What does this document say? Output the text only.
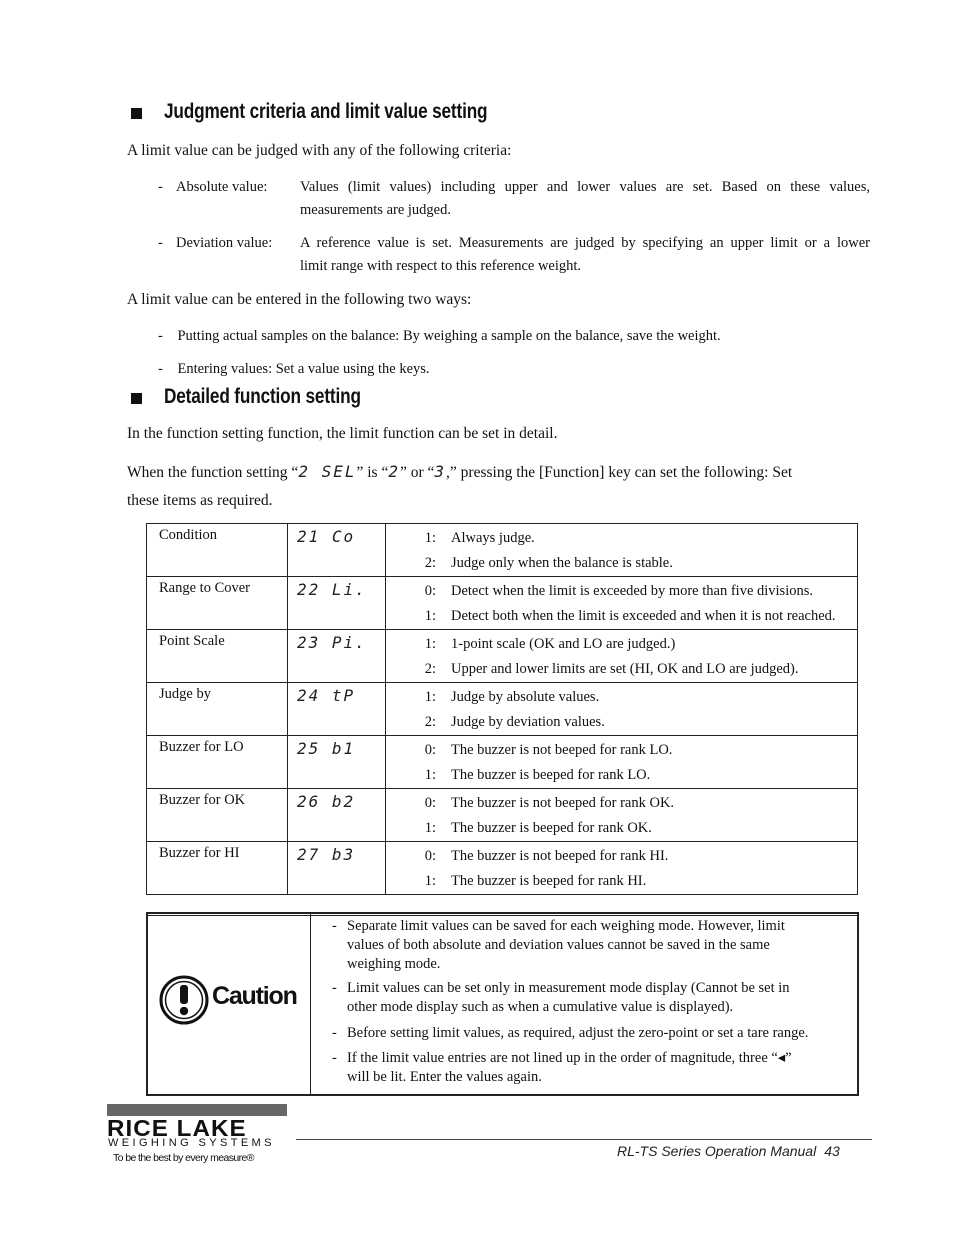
Judgment criteria and limit value setting
A limit value can be judged with any of the following criteria:
- Absolute value: Values (limit values) including upper and lower values are set. Based on these values,
measurements are judged.
- Deviation value: A reference value is set. Measurements are judged by specifying an upper limit or a lower
limit range with respect to this reference weight.
A limit value can be entered in the following two ways:
- Putting actual samples on the balance: By weighing a sample on the balance, save the weight.
- Entering values: Set a value using the keys.
Detailed function setting
In the function setting function, the limit function can be set in detail.
When the function setting “2 SEL” is “2” or “3,” pressing the [Function] key can set the following: Set
these items as required.
Condition	21 Co	1: Always judge.
2: Judge only when the balance is stable.

Range to Cover	22 Li.	0: Detect when the limit is exceeded by more than five divisions.
1: Detect both when the limit is exceeded and when it is not reached.

Point Scale	23 Pi.	1: 1-point scale (OK and LO are judged.)
2: Upper and lower limits are set (HI, OK and LO are judged).

Judge by	24 tP	1: Judge by absolute values.
2: Judge by deviation values.

Buzzer for LO	25 b1	0: The buzzer is not beeped for rank LO.
1: The buzzer is beeped for rank LO.

Buzzer for OK	26 b2	0: The buzzer is not beeped for rank OK.
1: The buzzer is beeped for rank OK.

Buzzer for HI	27 b3	0: The buzzer is not beeped for rank HI.
1: The buzzer is beeped for rank HI.
Caution
- Separate limit values can be saved for each weighing mode. However, limit
values of both absolute and deviation values cannot be saved in the same
weighing mode.
- Limit values can be set only in measurement mode display (Cannot be set in
other mode display such as when a cumulative value is displayed).
- Before setting limit values, as required, adjust the zero-point or set a tare range.
- If the limit value entries are not lined up in the order of magnitude, three “◂”
will be lit. Enter the values again.
RICE LAKE
WEIGHING SYSTEMS
To be the best by every measure®	RL-TS Series Operation Manual 43
